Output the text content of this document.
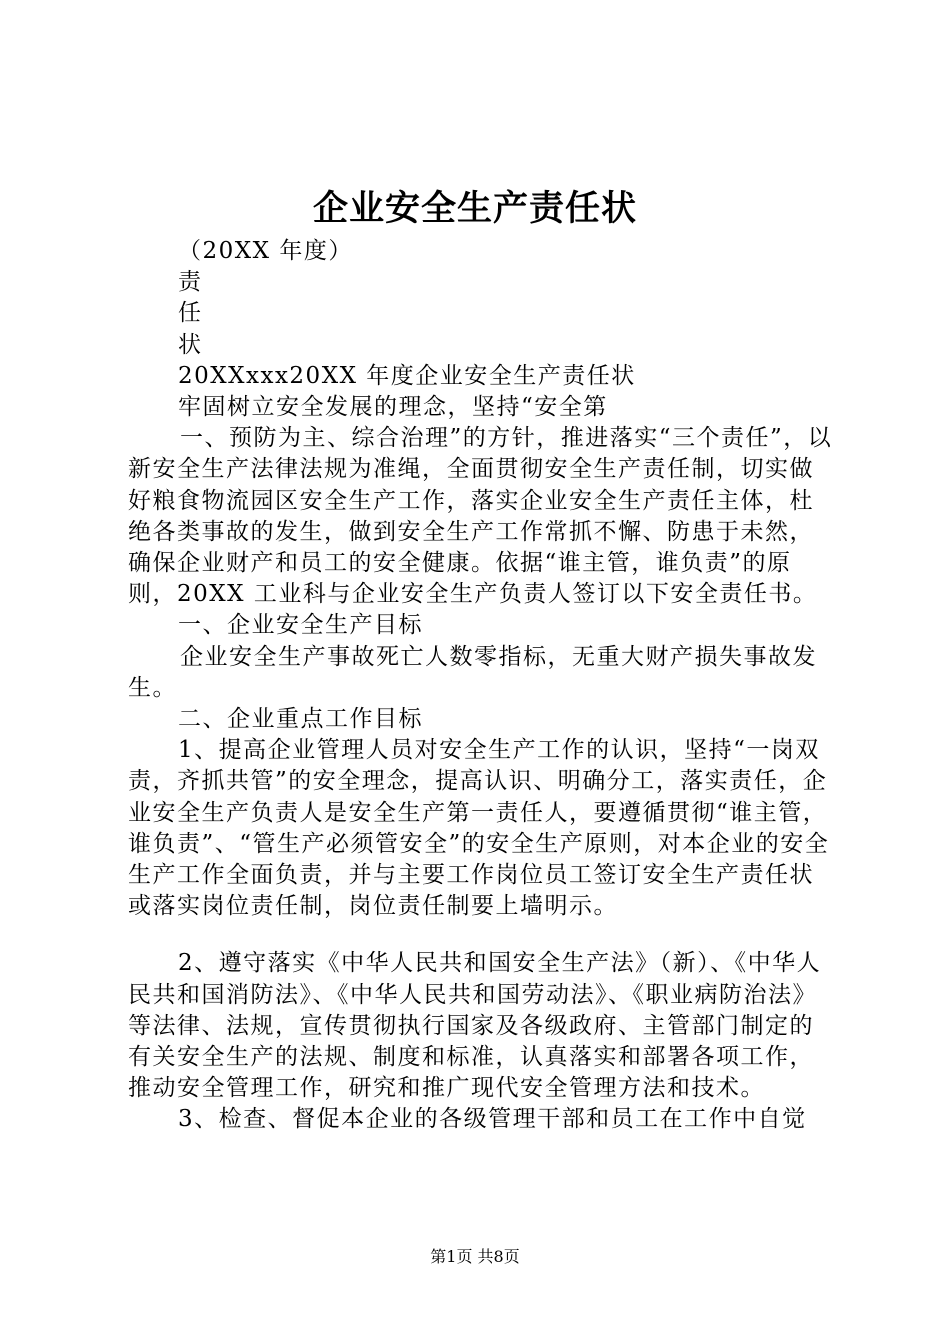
企业安全生产责任状

（20XX 年度）

责

任

状

20XXxxx20XX 年度企业安全生产责任状

牢固树立安全发展的理念，坚持“安全第

一、预防为主、综合治理”的方针，推进落实“三个责任”，以新安全生产法律法规为准绳，全面贯彻安全生产责任制，切实做好粮食物流园区安全生产工作，落实企业安全生产责任主体，杜绝各类事故的发生，做到安全生产工作常抓不懈、防患于未然，确保企业财产和员工的安全健康。依据“谁主管，谁负责”的原则，20XX 工业科与企业安全生产负责人签订以下安全责任书。

一、企业安全生产目标

企业安全生产事故死亡人数零指标，无重大财产损失事故发生。

二、企业重点工作目标

1、提高企业管理人员对安全生产工作的认识，坚持“一岗双责，齐抓共管”的安全理念，提高认识、明确分工，落实责任，企业安全生产负责人是安全生产第一责任人，要遵循贯彻“谁主管，谁负责”、“管生产必须管安全”的安全生产原则，对本企业的安全生产工作全面负责，并与主要工作岗位员工签订安全生产责任状或落实岗位责任制，岗位责任制要上墙明示。

2、遵守落实《中华人民共和国安全生产法》（新）、《中华人民共和国消防法》、《中华人民共和国劳动法》、《职业病防治法》等法律、法规，宣传贯彻执行国家及各级政府、主管部门制定的有关安全生产的法规、制度和标准，认真落实和部署各项工作，推动安全管理工作，研究和推广现代安全管理方法和技术。

3、检查、督促本企业的各级管理干部和员工在工作中自觉

第1页 共8页
